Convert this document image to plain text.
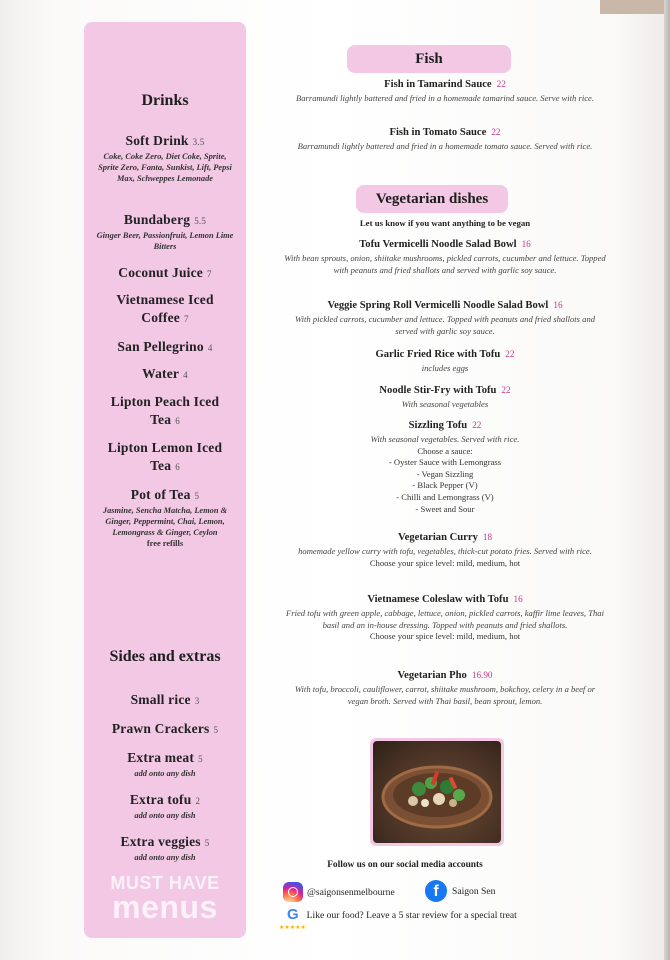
Drinks
Soft Drink 3.5
Coke, Coke Zero, Diet Coke, Sprite, Sprite Zero, Fanta, Sunkist, Lift, Pepsi Max, Schweppes Lemonade
Bundaberg 5.5
Ginger Beer, Passionfruit, Lemon Lime Bitters
Coconut Juice 7
Vietnamese Iced
Coffee 7
San Pellegrino 4
Water 4
Lipton Peach Iced
Tea 6
Lipton Lemon Iced
Tea 6
Pot of Tea 5
Jasmine, Sencha Matcha, Lemon & Ginger, Peppermint, Chai, Lemon, Lemongrass & Ginger, Ceylon
free refills
Sides and extras
Small rice 3
Prawn Crackers 5
Extra meat 5
add onto any dish
Extra tofu 2
add onto any dish
Extra veggies 5
add onto any dish
MUST HAVE
menus
Fish
Fish in Tamarind Sauce 22
Barramundi lightly battered and fried in a homemade tamarind sauce. Serve with rice.
Fish in Tomato Sauce 22
Barramundi lightly battered and fried in a homemade tomato sauce. Served with rice.
Let us know if you want anything to be vegan
Tofu Vermicelli Noodle Salad Bowl 16
With bean sprouts, onion, shiitake mushrooms, pickled carrots, cucumber and lettuce. Topped with peanuts and fried shallots and served with garlic soy sauce.
Veggie Spring Roll Vermicelli Noodle Salad Bowl 16
With pickled carrots, cucumber and lettuce. Topped with peanuts and fried shallots and served with garlic soy sauce.
Garlic Fried Rice with Tofu 22
includes eggs
Noodle Stir-Fry with Tofu 22
With seasonal vegetables
Sizzling Tofu 22
With seasonal vegetables. Served with rice.
Choose a sauce:
- Oyster Sauce with Lemongrass
- Vegan Sizzling
- Black Pepper (V)
- Chilli and Lemongrass (V)
- Sweet and Sour
Vegetarian Curry 18
homemade yellow curry with tofu, vegetables, thick-cut potato fries. Served with rice.
Choose your spice level: mild, medium, hot
Vietnamese Coleslaw with Tofu 16
Fried tofu with green apple, cabbage, lettuce, onion, pickled carrots, kaffir lime leaves, Thai basil and an in-house dressing. Topped with peanuts and fried shallots.
Choose your spice level: mild, medium, hot
Vegetarian Pho 16.90
With tofu, broccoli, cauliflower, carrot, shiitake mushroom, bokchoy, celery in a beef or vegan broth. Served with Thai basil, bean sprout, lemon.
Vegetarian dishes
Follow us on our social media accounts
@saigonsenmelbourne	f	Saigon Sen
G Like our food? Leave a 5 star review for a special treat
★★★★★
